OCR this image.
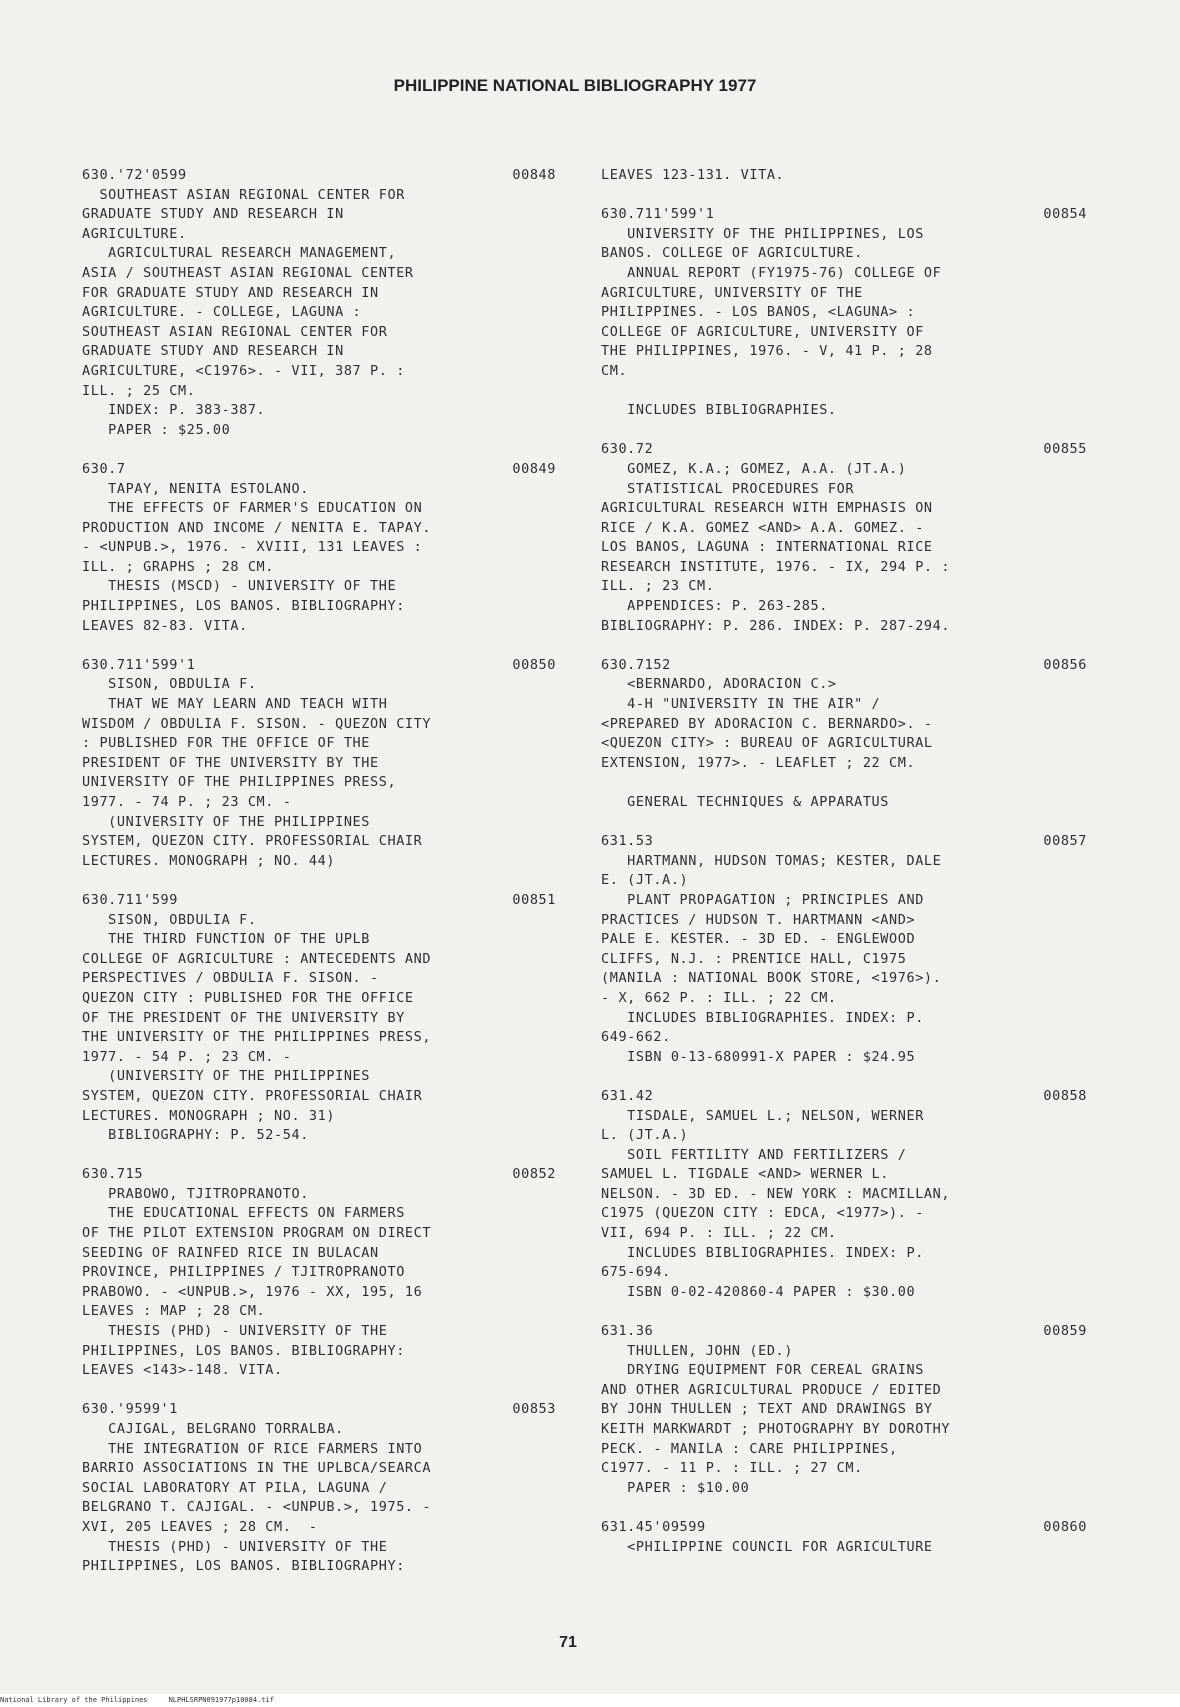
PHILIPPINE NATIONAL BIBLIOGRAPHY 1977
630.'72'0599	00848
SOUTHEAST ASIAN REGIONAL CENTER FOR
GRADUATE STUDY AND RESEARCH IN
AGRICULTURE.
AGRICULTURAL RESEARCH MANAGEMENT,
ASIA / SOUTHEAST ASIAN REGIONAL CENTER
FOR GRADUATE STUDY AND RESEARCH IN
AGRICULTURE. - COLLEGE, LAGUNA :
SOUTHEAST ASIAN REGIONAL CENTER FOR
GRADUATE STUDY AND RESEARCH IN
AGRICULTURE, <C1976>. - VII, 387 P. :
ILL. ; 25 CM.
INDEX: P. 383-387.
PAPER : $25.00
630.7	00849
TAPAY, NENITA ESTOLANO.
THE EFFECTS OF FARMER'S EDUCATION ON
PRODUCTION AND INCOME / NENITA E. TAPAY.
- <UNPUB.>, 1976. - XVIII, 131 LEAVES :
ILL. ; GRAPHS ; 28 CM.
THESIS (MSCD) - UNIVERSITY OF THE
PHILIPPINES, LOS BANOS. BIBLIOGRAPHY:
LEAVES 82-83. VITA.
630.711'599'1	00850
SISON, OBDULIA F.
THAT WE MAY LEARN AND TEACH WITH
WISDOM / OBDULIA F. SISON. - QUEZON CITY
: PUBLISHED FOR THE OFFICE OF THE
PRESIDENT OF THE UNIVERSITY BY THE
UNIVERSITY OF THE PHILIPPINES PRESS,
1977. - 74 P. ; 23 CM. -
(UNIVERSITY OF THE PHILIPPINES
SYSTEM, QUEZON CITY. PROFESSORIAL CHAIR
LECTURES. MONOGRAPH ; NO. 44)
630.711'599	00851
SISON, OBDULIA F.
THE THIRD FUNCTION OF THE UPLB
COLLEGE OF AGRICULTURE : ANTECEDENTS AND
PERSPECTIVES / OBDULIA F. SISON. -
QUEZON CITY : PUBLISHED FOR THE OFFICE
OF THE PRESIDENT OF THE UNIVERSITY BY
THE UNIVERSITY OF THE PHILIPPINES PRESS,
1977. - 54 P. ; 23 CM. -
(UNIVERSITY OF THE PHILIPPINES
SYSTEM, QUEZON CITY. PROFESSORIAL CHAIR
LECTURES. MONOGRAPH ; NO. 31)
BIBLIOGRAPHY: P. 52-54.
630.715	00852
PRABOWO, TJITROPRANOTO.
THE EDUCATIONAL EFFECTS ON FARMERS
OF THE PILOT EXTENSION PROGRAM ON DIRECT
SEEDING OF RAINFED RICE IN BULACAN
PROVINCE, PHILIPPINES / TJITROPRANOTO
PRABOWO. - <UNPUB.>, 1976 - XX, 195, 16
LEAVES : MAP ; 28 CM.
THESIS (PHD) - UNIVERSITY OF THE
PHILIPPINES, LOS BANOS. BIBLIOGRAPHY:
LEAVES <143>-148. VITA.
630.'9599'1	00853
CAJIGAL, BELGRANO TORRALBA.
THE INTEGRATION OF RICE FARMERS INTO
BARRIO ASSOCIATIONS IN THE UPLBCA/SEARCA
SOCIAL LABORATORY AT PILA, LAGUNA /
BELGRANO T. CAJIGAL. - <UNPUB.>, 1975. -
XVI, 205 LEAVES ; 28 CM.  -
THESIS (PHD) - UNIVERSITY OF THE
PHILIPPINES, LOS BANOS. BIBLIOGRAPHY:
LEAVES 123-131. VITA.
630.711'599'1	00854
UNIVERSITY OF THE PHILIPPINES, LOS
BANOS. COLLEGE OF AGRICULTURE.
ANNUAL REPORT (FY1975-76) COLLEGE OF
AGRICULTURE, UNIVERSITY OF THE
PHILIPPINES. - LOS BANOS, <LAGUNA> :
COLLEGE OF AGRICULTURE, UNIVERSITY OF
THE PHILIPPINES, 1976. - V, 41 P. ; 28
CM.
INCLUDES BIBLIOGRAPHIES.
630.72	00855
GOMEZ, K.A.; GOMEZ, A.A. (JT.A.)
STATISTICAL PROCEDURES FOR
AGRICULTURAL RESEARCH WITH EMPHASIS ON
RICE / K.A. GOMEZ <AND> A.A. GOMEZ. -
LOS BANOS, LAGUNA : INTERNATIONAL RICE
RESEARCH INSTITUTE, 1976. - IX, 294 P. :
ILL. ; 23 CM.
APPENDICES: P. 263-285.
BIBLIOGRAPHY: P. 286. INDEX: P. 287-294.
630.7152	00856
<BERNARDO, ADORACION C.>
4-H "UNIVERSITY IN THE AIR" /
<PREPARED BY ADORACION C. BERNARDO>. -
<QUEZON CITY> : BUREAU OF AGRICULTURAL
EXTENSION, 1977>. - LEAFLET ; 22 CM.
GENERAL TECHNIQUES & APPARATUS
631.53	00857
HARTMANN, HUDSON TOMAS; KESTER, DALE
E. (JT.A.)
PLANT PROPAGATION ; PRINCIPLES AND
PRACTICES / HUDSON T. HARTMANN <AND>
PALE E. KESTER. - 3D ED. - ENGLEWOOD
CLIFFS, N.J. : PRENTICE HALL, C1975
(MANILA : NATIONAL BOOK STORE, <1976>).
- X, 662 P. : ILL. ; 22 CM.
INCLUDES BIBLIOGRAPHIES. INDEX: P.
649-662.
ISBN 0-13-680991-X PAPER : $24.95
631.42	00858
TISDALE, SAMUEL L.; NELSON, WERNER
L. (JT.A.)
SOIL FERTILITY AND FERTILIZERS /
SAMUEL L. TIGDALE <AND> WERNER L.
NELSON. - 3D ED. - NEW YORK : MACMILLAN,
C1975 (QUEZON CITY : EDCA, <1977>). -
VII, 694 P. : ILL. ; 22 CM.
INCLUDES BIBLIOGRAPHIES. INDEX: P.
675-694.
ISBN 0-02-420860-4 PAPER : $30.00
631.36	00859
THULLEN, JOHN (ED.)
DRYING EQUIPMENT FOR CEREAL GRAINS
AND OTHER AGRICULTURAL PRODUCE / EDITED
BY JOHN THULLEN ; TEXT AND DRAWINGS BY
KEITH MARKWARDT ; PHOTOGRAPHY BY DOROTHY
PECK. - MANILA : CARE PHILIPPINES,
C1977. - 11 P. : ILL. ; 27 CM.
PAPER : $10.00
631.45'09599	00860
<PHILIPPINE COUNCIL FOR AGRICULTURE
71
National Library of the Philippines     NLPHLSRPN091977p10084.tif
